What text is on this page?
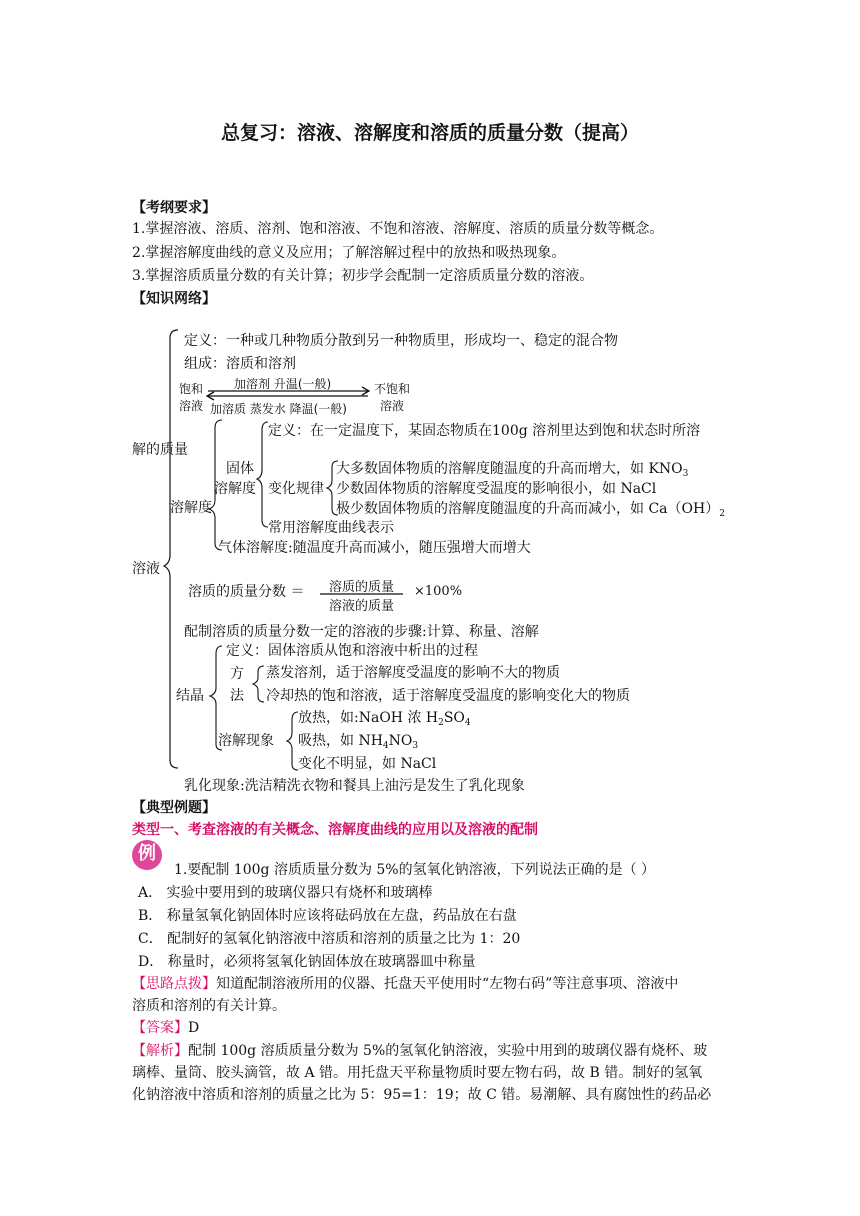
总复习：溶液、溶解度和溶质的质量分数（提高）
【考纲要求】
1.掌握溶液、溶质、溶剂、饱和溶液、不饱和溶液、溶解度、溶质的质量分数等概念。
2.掌握溶解度曲线的意义及应用；了解溶解过程中的放热和吸热现象。
3.掌握溶质质量分数的有关计算；初步学会配制一定溶质质量分数的溶液。
【知识网络】
定义：一种或几种物质分散到另一种物质里，形成均一、稳定的混合物
组成：溶质和溶剂
饱和
溶液
加溶剂 升温(一般)
加溶质 蒸发水 降温(一般)
不饱和
溶液
解的质量
溶液
定义：在一定温度下，某固态物质在100g 溶剂里达到饱和状态时所溶
固体
溶解度
溶解度
变化规律
大多数固体物质的溶解度随温度的升高而增大，如 $KNO_3$
少数固体物质的溶解度受温度的影响很小，如 NaCl
极少数固体物质的溶解度随温度的升高而减小，如 $Ca(OH)_2$
常用溶解度曲线表示
气体溶解度:随温度升高而减小，随压强增大而增大
溶质的质量分数 ＝	溶质的质量
溶液的质量
×100%
配制溶质的质量分数一定的溶液的步骤:计算、称量、溶解
定义：固体溶质从饱和溶液中析出的过程
结晶
方
法
蒸发溶剂，适于溶解度受温度的影响不大的物质
冷却热的饱和溶液，适于溶解度受温度的影响变化大的物质
溶解现象
放热，如:NaOH 浓 $H_2SO_4$
吸热，如 $NH_4NO_3$
变化不明显，如 NaCl
乳化现象:洗洁精洗衣物和餐具上油污是发生了乳化现象
【典型例题】
类型一、考查溶液的有关概念、溶解度曲线的应用以及溶液的配制
例
1.要配制 100g 溶质质量分数为 5%的氢氧化钠溶液，下列说法正确的是（ ）
A． 实验中要用到的玻璃仪器只有烧杯和玻璃棒
B． 称量氢氧化钠固体时应该将砝码放在左盘，药品放在右盘
C． 配制好的氢氧化钠溶液中溶质和溶剂的质量之比为 1：20
D． 称量时，必须将氢氧化钠固体放在玻璃器皿中称量
【思路点拨】知道配制溶液所用的仪器、托盘天平使用时“左物右码”等注意事项、溶液中
溶质和溶剂的有关计算。
【答案】D
【解析】配制 100g 溶质质量分数为 5%的氢氧化钠溶液，实验中用到的玻璃仪器有烧杯、玻
璃棒、量筒、胶头滴管，故 A 错。用托盘天平称量物质时要左物右码，故 B 错。制好的氢氧
化钠溶液中溶质和溶剂的质量之比为 5：95=1：19；故 C 错。易潮解、具有腐蚀性的药品必
